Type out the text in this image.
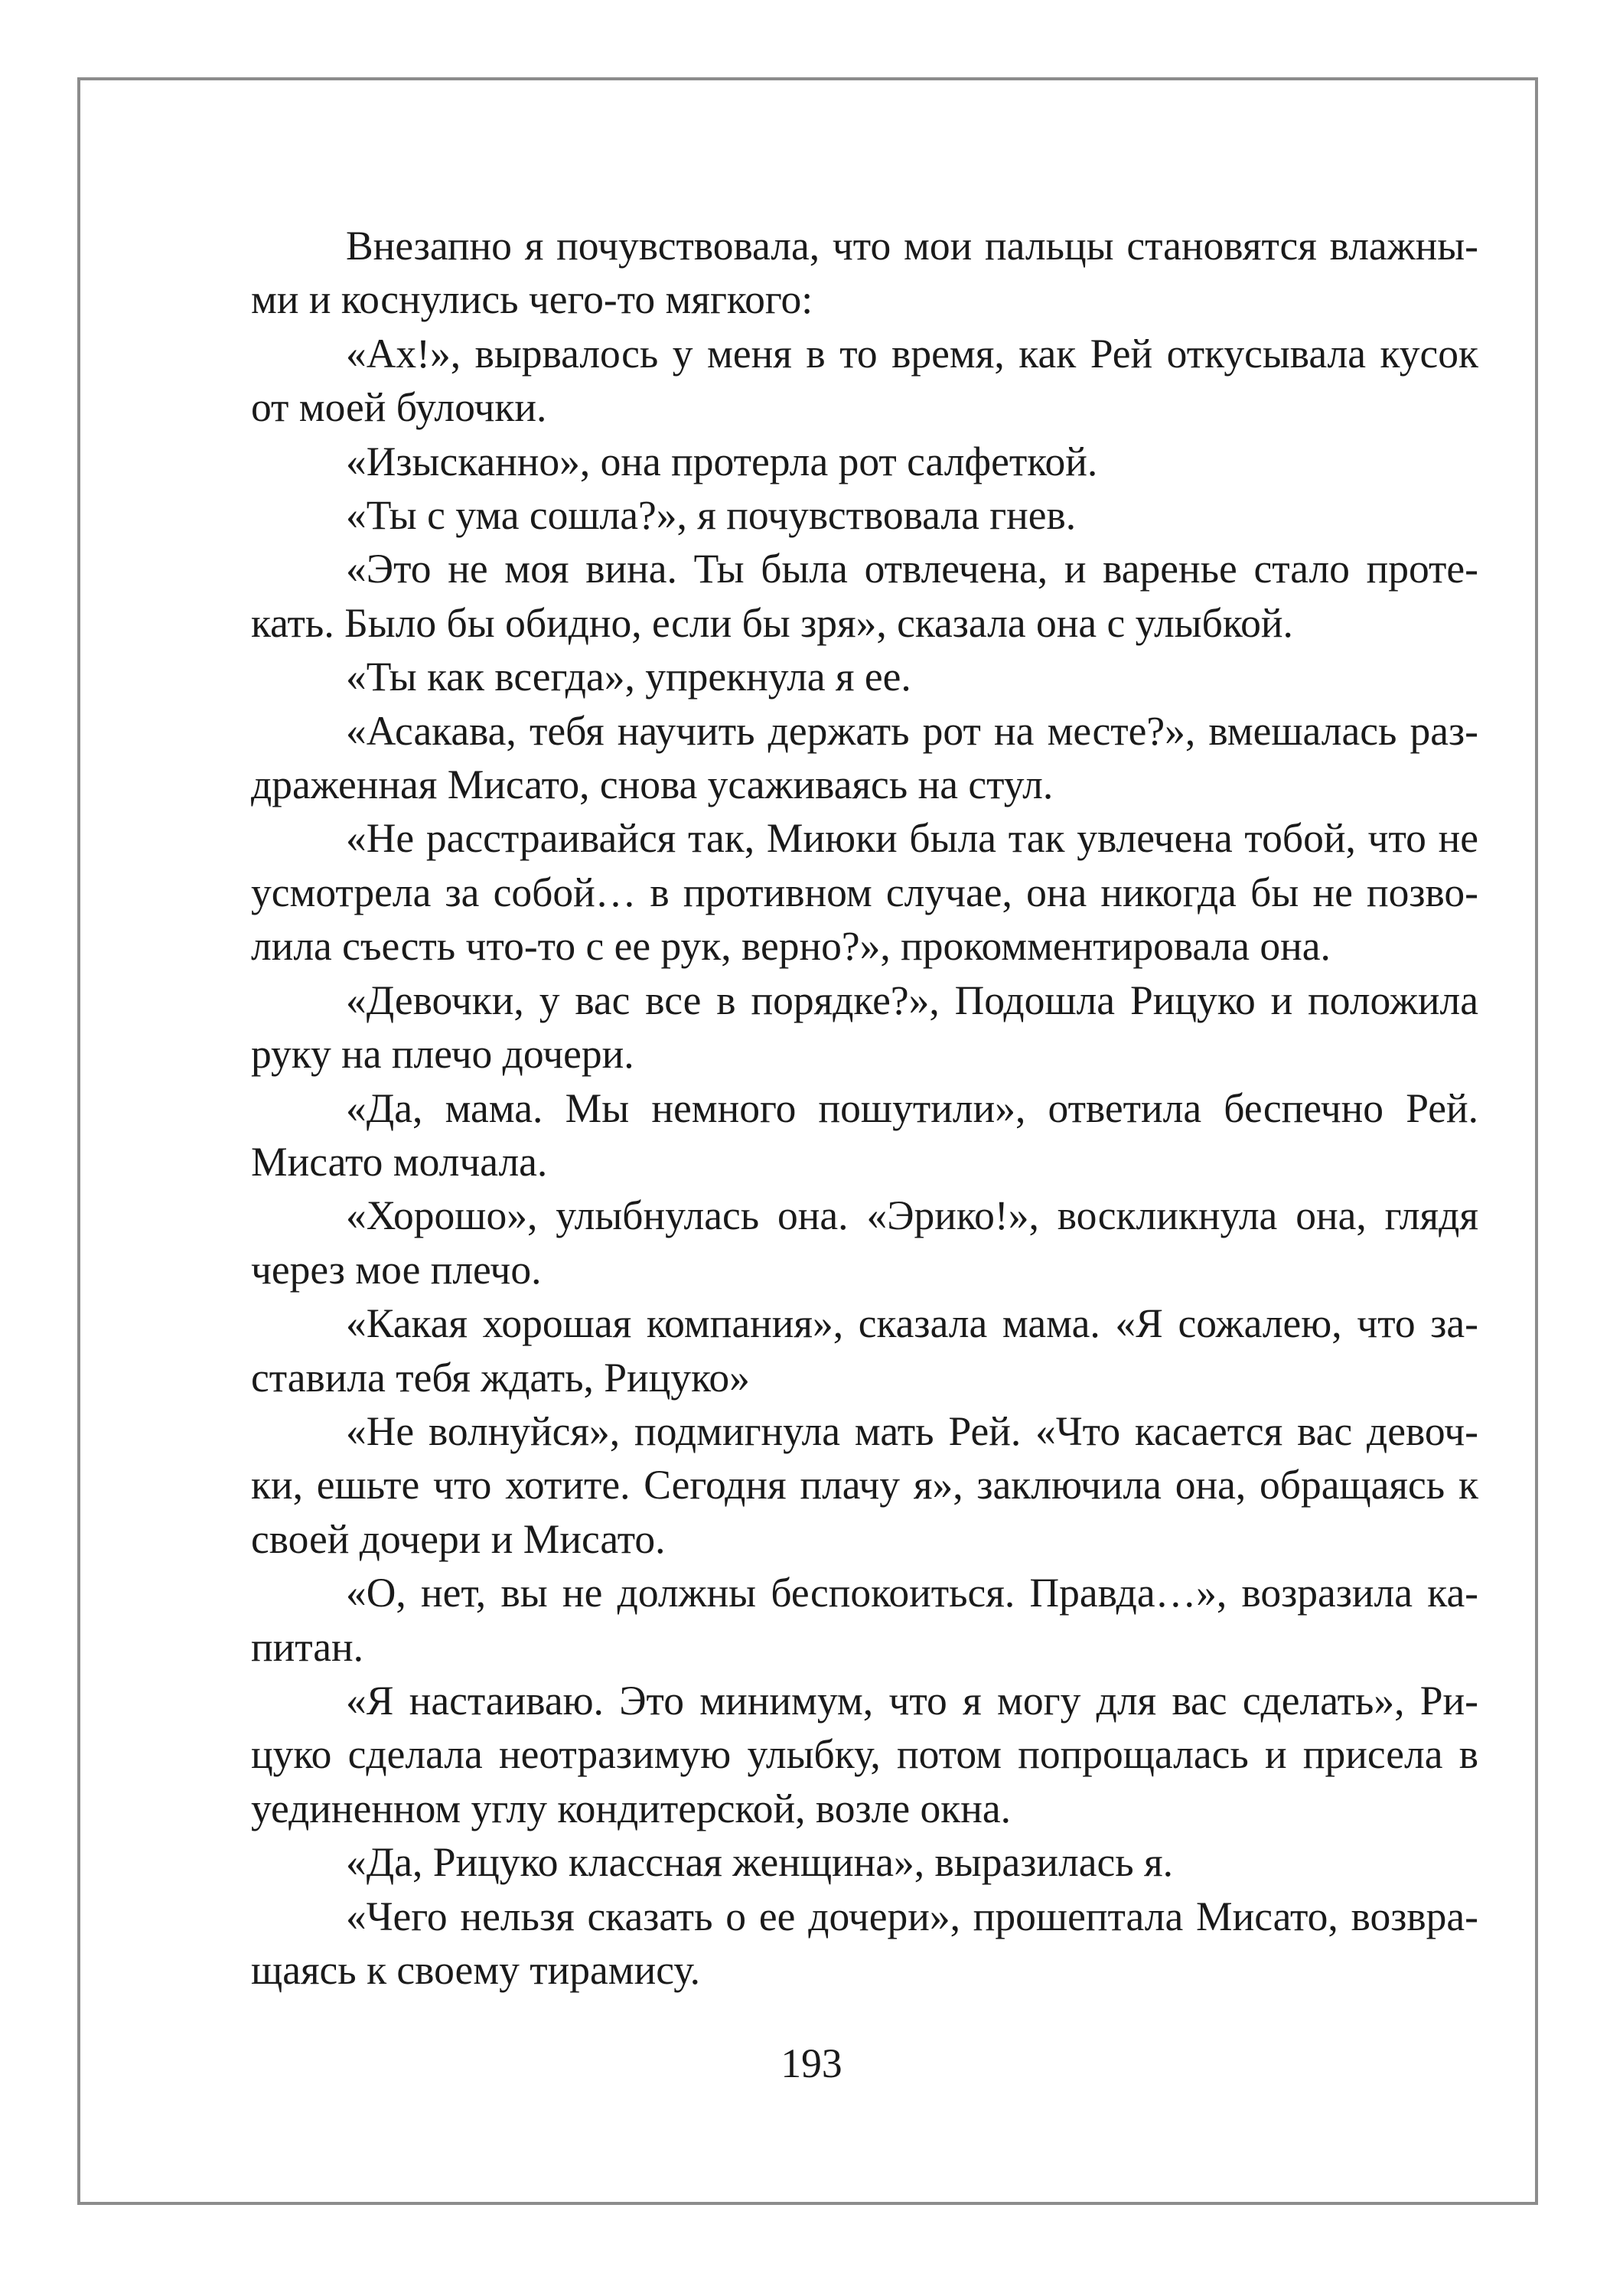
Внезапно я почувствовала, что мои пальцы становятся влажны-
ми и коснулись чего-то мягкого:
«Ах!», вырвалось у меня в то время, как Рей откусывала кусок
от моей булочки.
«Изысканно», она протерла рот салфеткой.
«Ты с ума сошла?», я почувствовала гнев.
«Это не моя вина. Ты была отвлечена, и варенье стало проте-
кать. Было бы обидно, если бы зря», сказала она с улыбкой.
«Ты как всегда», упрекнула я ее.
«Асакава, тебя научить держать рот на месте?», вмешалась раз-
драженная Мисато, снова усаживаясь на стул.
«Не расстраивайся так, Миюки была так увлечена тобой, что не
усмотрела за собой… в противном случае, она никогда бы не позво-
лила съесть что-то с ее рук, верно?», прокомментировала она.
«Девочки, у вас все в порядке?», Подошла Рицуко и положила
руку на плечо дочери.
«Да, мама. Мы немного пошутили», ответила беспечно Рей.
Мисато молчала.
«Хорошо», улыбнулась она. «Эрико!», воскликнула она, глядя
через мое плечо.
«Какая хорошая компания», сказала мама. «Я сожалею, что за-
ставила тебя ждать, Рицуко»
«Не волнуйся», подмигнула мать Рей. «Что касается вас девоч-
ки, ешьте что хотите. Сегодня плачу я», заключила она, обращаясь к
своей дочери и Мисато.
«О, нет, вы не должны беспокоиться. Правда…», возразила ка-
питан.
«Я настаиваю. Это минимум, что я могу для вас сделать», Ри-
цуко сделала неотразимую улыбку, потом попрощалась и присела в
уединенном углу кондитерской, возле окна.
«Да, Рицуко классная женщина», выразилась я.
«Чего нельзя сказать о ее дочери», прошептала Мисато, возвра-
щаясь к своему тирамису.
193
